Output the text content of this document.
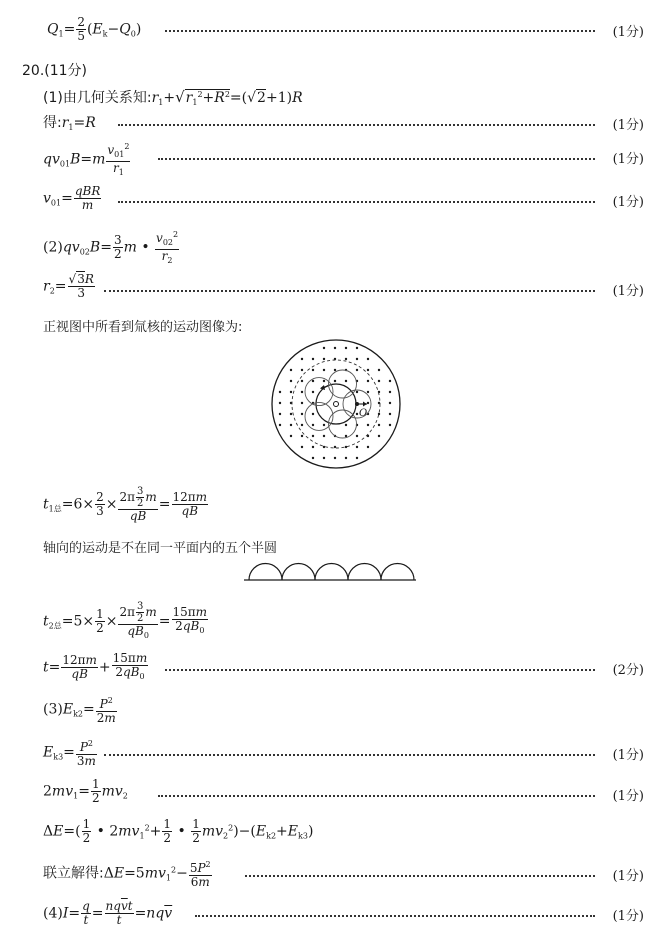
$Q_1= \frac{2}{5} (E_k-Q_0)$	(1分)
20.(11分)
(1)由几何关系知$:r_1+√r_1^2+R^2=(√2+1)R$
得$:r_1=R$	(1分)
$qv_{01}B=m \frac{v_{01}^2}{r_1}$	(1分)
$v_{01}= \frac{\text{qBR}}{m}$	(1分)
$(2)qv_{02}B= \frac{3}{2}$ m • $\frac{v_{02}^2}{r_2}$
$r_2= \frac{√3R}{3}$	(1分)
正视图中所看到氚核的运动图像为:
O
$t_{1总}=6\times \frac{2}{3} \times \frac{2\pi \frac{3}{2} m}{qB} = \frac{12\pi m}{qB}$
轴向的运动是不在同一平面内的五个半圆
$t_{2总}=5\times \frac{1}{2} \times \frac{2\pi \frac{3}{2} m}{qB_0} = \frac{15\pi m}{2qB_0}$
$t= \frac{12\pi m}{qB} + \frac{15\pi m}{2qB_0}$	(2分)
$(3)E_{k2}= \frac{P^2}{2m}$
$E_{k3}= \frac{P^2}{3m}$	(1分)
$2mv_1= \frac{1}{2} mv_2$	(1分)
$\Delta E=( \frac{1}{2}$ • $2mv_1^2+ \frac{1}{2}$ • $\frac{1}{2} mv_2^2)-(E_{k2}+E_{k3})$
联立解得$:\Delta E=5mv_1^2- \frac{5P^2}{6m}$	(1分)
$(4)I= \frac{q}{t} = \frac{nq\overline{v}t}{t} =nq\overline{v}$	(1分)
